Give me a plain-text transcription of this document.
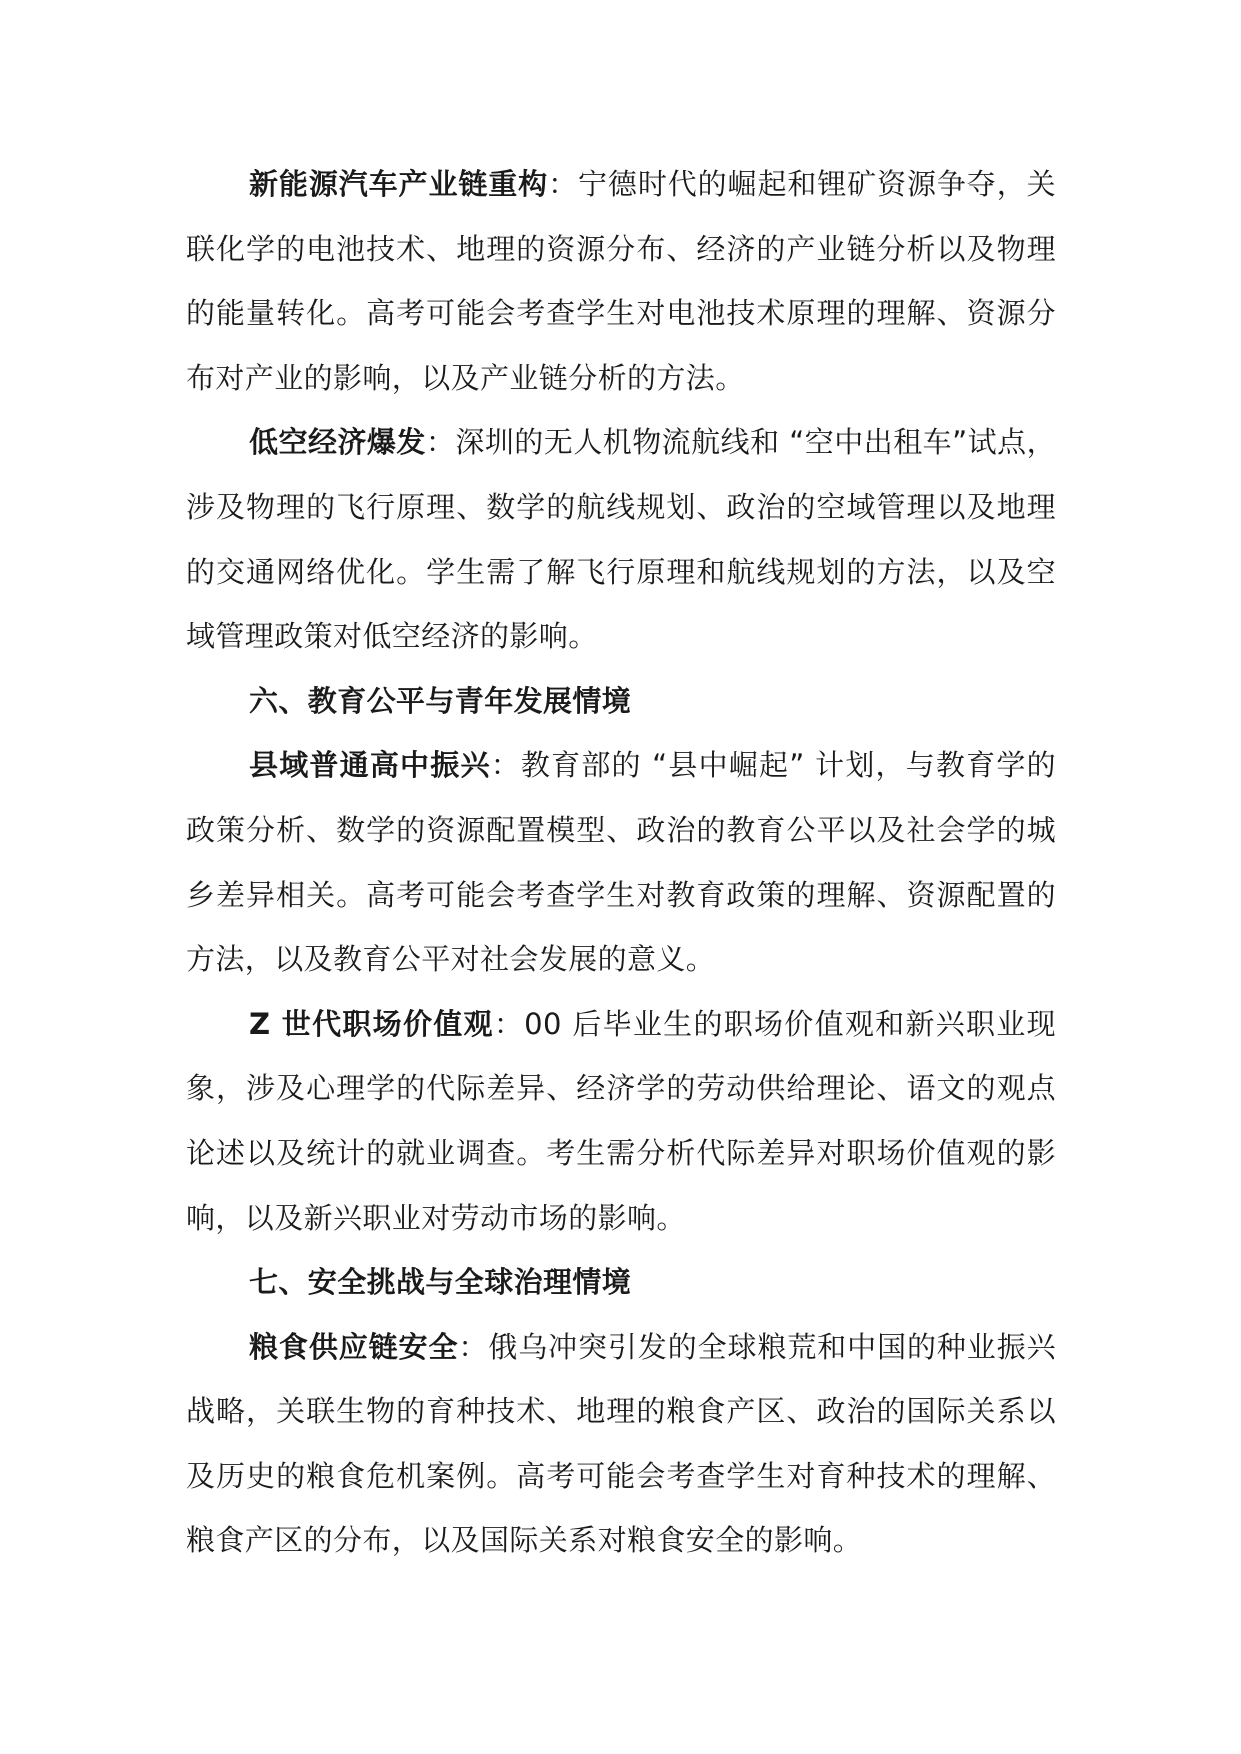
新能源汽车产业链重构：宁德时代的崛起和锂矿资源争夺，关联化学的电池技术、地理的资源分布、经济的产业链分析以及物理的能量转化。高考可能会考查学生对电池技术原理的理解、资源分布对产业的影响，以及产业链分析的方法。

低空经济爆发：深圳的无人机物流航线和 “空中出租车”试点，涉及物理的飞行原理、数学的航线规划、政治的空域管理以及地理的交通网络优化。学生需了解飞行原理和航线规划的方法，以及空域管理政策对低空经济的影响。

六、教育公平与青年发展情境

县域普通高中振兴：教育部的 “县中崛起” 计划，与教育学的政策分析、数学的资源配置模型、政治的教育公平以及社会学的城乡差异相关。高考可能会考查学生对教育政策的理解、资源配置的方法，以及教育公平对社会发展的意义。

Z 世代职场价值观：00 后毕业生的职场价值观和新兴职业现象，涉及心理学的代际差异、经济学的劳动供给理论、语文的观点论述以及统计的就业调查。考生需分析代际差异对职场价值观的影响，以及新兴职业对劳动市场的影响。

七、安全挑战与全球治理情境

粮食供应链安全：俄乌冲突引发的全球粮荒和中国的种业振兴战略，关联生物的育种技术、地理的粮食产区、政治的国际关系以及历史的粮食危机案例。高考可能会考查学生对育种技术的理解、粮食产区的分布，以及国际关系对粮食安全的影响。
